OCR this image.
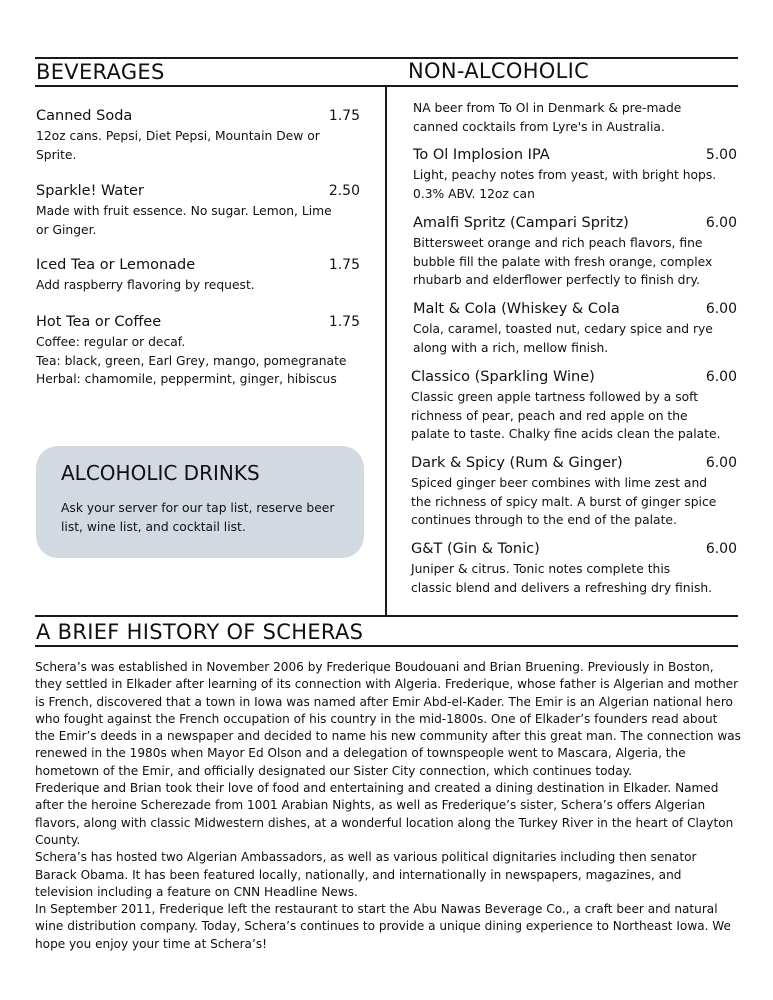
BEVERAGES	NON-ALCOHOLIC
A BRIEF HISTORY OF SCHERAS
Canned Soda	1.75
12oz cans. Pepsi, Diet Pepsi, Mountain Dew or
Sprite.
Sparkle! Water	2.50
Made with fruit essence. No sugar. Lemon, Lime
or Ginger.
Iced Tea or Lemonade	1.75
Add raspberry flavoring by request.
Hot Tea or Coffee	1.75
Coffee: regular or decaf.
Tea: black, green, Earl Grey, mango, pomegranate
Herbal: chamomile, peppermint, ginger, hibiscus
ALCOHOLIC DRINKS
Ask your server for our tap list, reserve beer
list, wine list, and cocktail list.
NA beer from To Ol in Denmark & pre-made
canned cocktails from Lyre's in Australia.
To Ol Implosion IPA	5.00
Light, peachy notes from yeast, with bright hops.
0.3% ABV. 12oz can
Amalfi Spritz (Campari Spritz)	6.00
Bittersweet orange and rich peach flavors, fine
bubble fill the palate with fresh orange, complex
rhubarb and elderflower perfectly to finish dry.
Malt & Cola (Whiskey & Cola	6.00
Cola, caramel, toasted nut, cedary spice and rye
along with a rich, mellow finish.
Classico (Sparkling Wine)	6.00
Classic green apple tartness followed by a soft
richness of pear, peach and red apple on the
palate to taste. Chalky fine acids clean the palate.
Dark & Spicy (Rum & Ginger)	6.00
Spiced ginger beer combines with lime zest and
the richness of spicy malt. A burst of ginger spice
continues through to the end of the palate.
G&T (Gin & Tonic)	6.00
Juniper & citrus. Tonic notes complete this
classic blend and delivers a refreshing dry finish.
Schera’s was established in November 2006 by Frederique Boudouani and Brian Bruening. Previously in Boston,
they settled in Elkader after learning of its connection with Algeria. Frederique, whose father is Algerian and mother
is French, discovered that a town in Iowa was named after Emir Abd-el-Kader. The Emir is an Algerian national hero
who fought against the French occupation of his country in the mid-1800s. One of Elkader’s founders read about
the Emir’s deeds in a newspaper and decided to name his new community after this great man. The connection was
renewed in the 1980s when Mayor Ed Olson and a delegation of townspeople went to Mascara, Algeria, the
hometown of the Emir, and officially designated our Sister City connection, which continues today.
Frederique and Brian took their love of food and entertaining and created a dining destination in Elkader. Named
after the heroine Scherezade from 1001 Arabian Nights, as well as Frederique’s sister, Schera’s offers Algerian
flavors, along with classic Midwestern dishes, at a wonderful location along the Turkey River in the heart of Clayton
County.
Schera’s has hosted two Algerian Ambassadors, as well as various political dignitaries including then senator
Barack Obama. It has been featured locally, nationally, and internationally in newspapers, magazines, and
television including a feature on CNN Headline News.
In September 2011, Frederique left the restaurant to start the Abu Nawas Beverage Co., a craft beer and natural
wine distribution company. Today, Schera’s continues to provide a unique dining experience to Northeast Iowa. We
hope you enjoy your time at Schera’s!
